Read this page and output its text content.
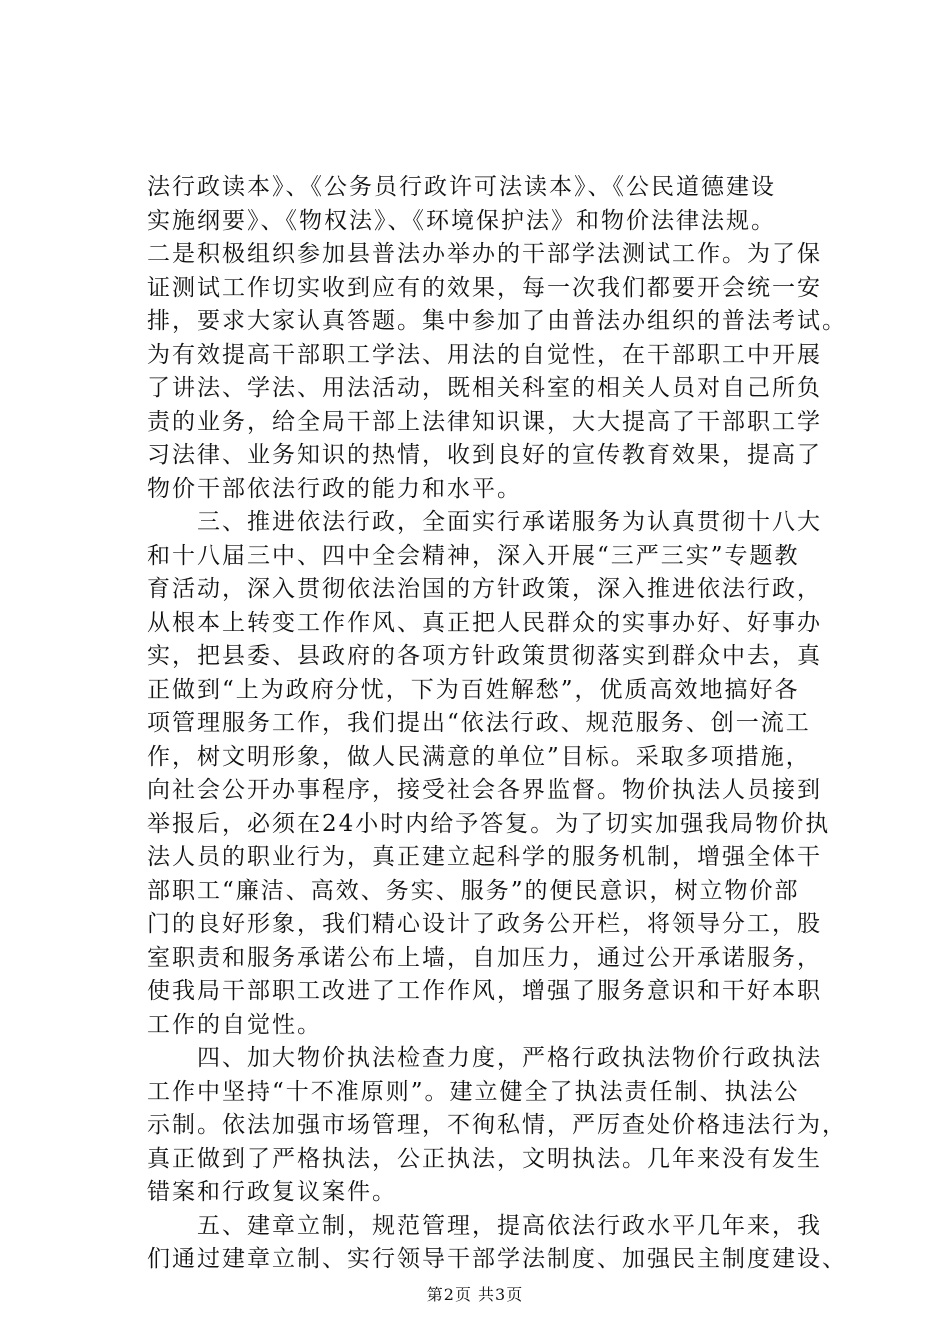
法行政读本》、《公务员行政许可法读本》、《公民道德建设
实施纲要》、《物权法》、《环境保护法》和物价法律法规。
二是积极组织参加县普法办举办的干部学法测试工作。为了保
证测试工作切实收到应有的效果，每一次我们都要开会统一安
排，要求大家认真答题。集中参加了由普法办组织的普法考试。
为有效提高干部职工学法、用法的自觉性，在干部职工中开展
了讲法、学法、用法活动，既相关科室的相关人员对自己所负
责的业务，给全局干部上法律知识课，大大提高了干部职工学
习法律、业务知识的热情，收到良好的宣传教育效果，提高了
物价干部依法行政的能力和水平。
三、推进依法行政，全面实行承诺服务为认真贯彻十八大
和十八届三中、四中全会精神，深入开展“三严三实”专题教
育活动，深入贯彻依法治国的方针政策，深入推进依法行政，
从根本上转变工作作风、真正把人民群众的实事办好、好事办
实，把县委、县政府的各项方针政策贯彻落实到群众中去，真
正做到“上为政府分忧，下为百姓解愁”，优质高效地搞好各
项管理服务工作，我们提出“依法行政、规范服务、创一流工
作，树文明形象，做人民满意的单位”目标。采取多项措施，
向社会公开办事程序，接受社会各界监督。物价执法人员接到
举报后，必须在24小时内给予答复。为了切实加强我局物价执
法人员的职业行为，真正建立起科学的服务机制，增强全体干
部职工“廉洁、高效、务实、服务”的便民意识，树立物价部
门的良好形象，我们精心设计了政务公开栏，将领导分工，股
室职责和服务承诺公布上墙，自加压力，通过公开承诺服务，
使我局干部职工改进了工作作风，增强了服务意识和干好本职
工作的自觉性。
四、加大物价执法检查力度，严格行政执法物价行政执法
工作中坚持“十不准原则”。建立健全了执法责任制、执法公
示制。依法加强市场管理，不徇私情，严厉查处价格违法行为，
真正做到了严格执法，公正执法，文明执法。几年来没有发生
错案和行政复议案件。
五、建章立制，规范管理，提高依法行政水平几年来，我
们通过建章立制、实行领导干部学法制度、加强民主制度建设、
第2页 共3页
